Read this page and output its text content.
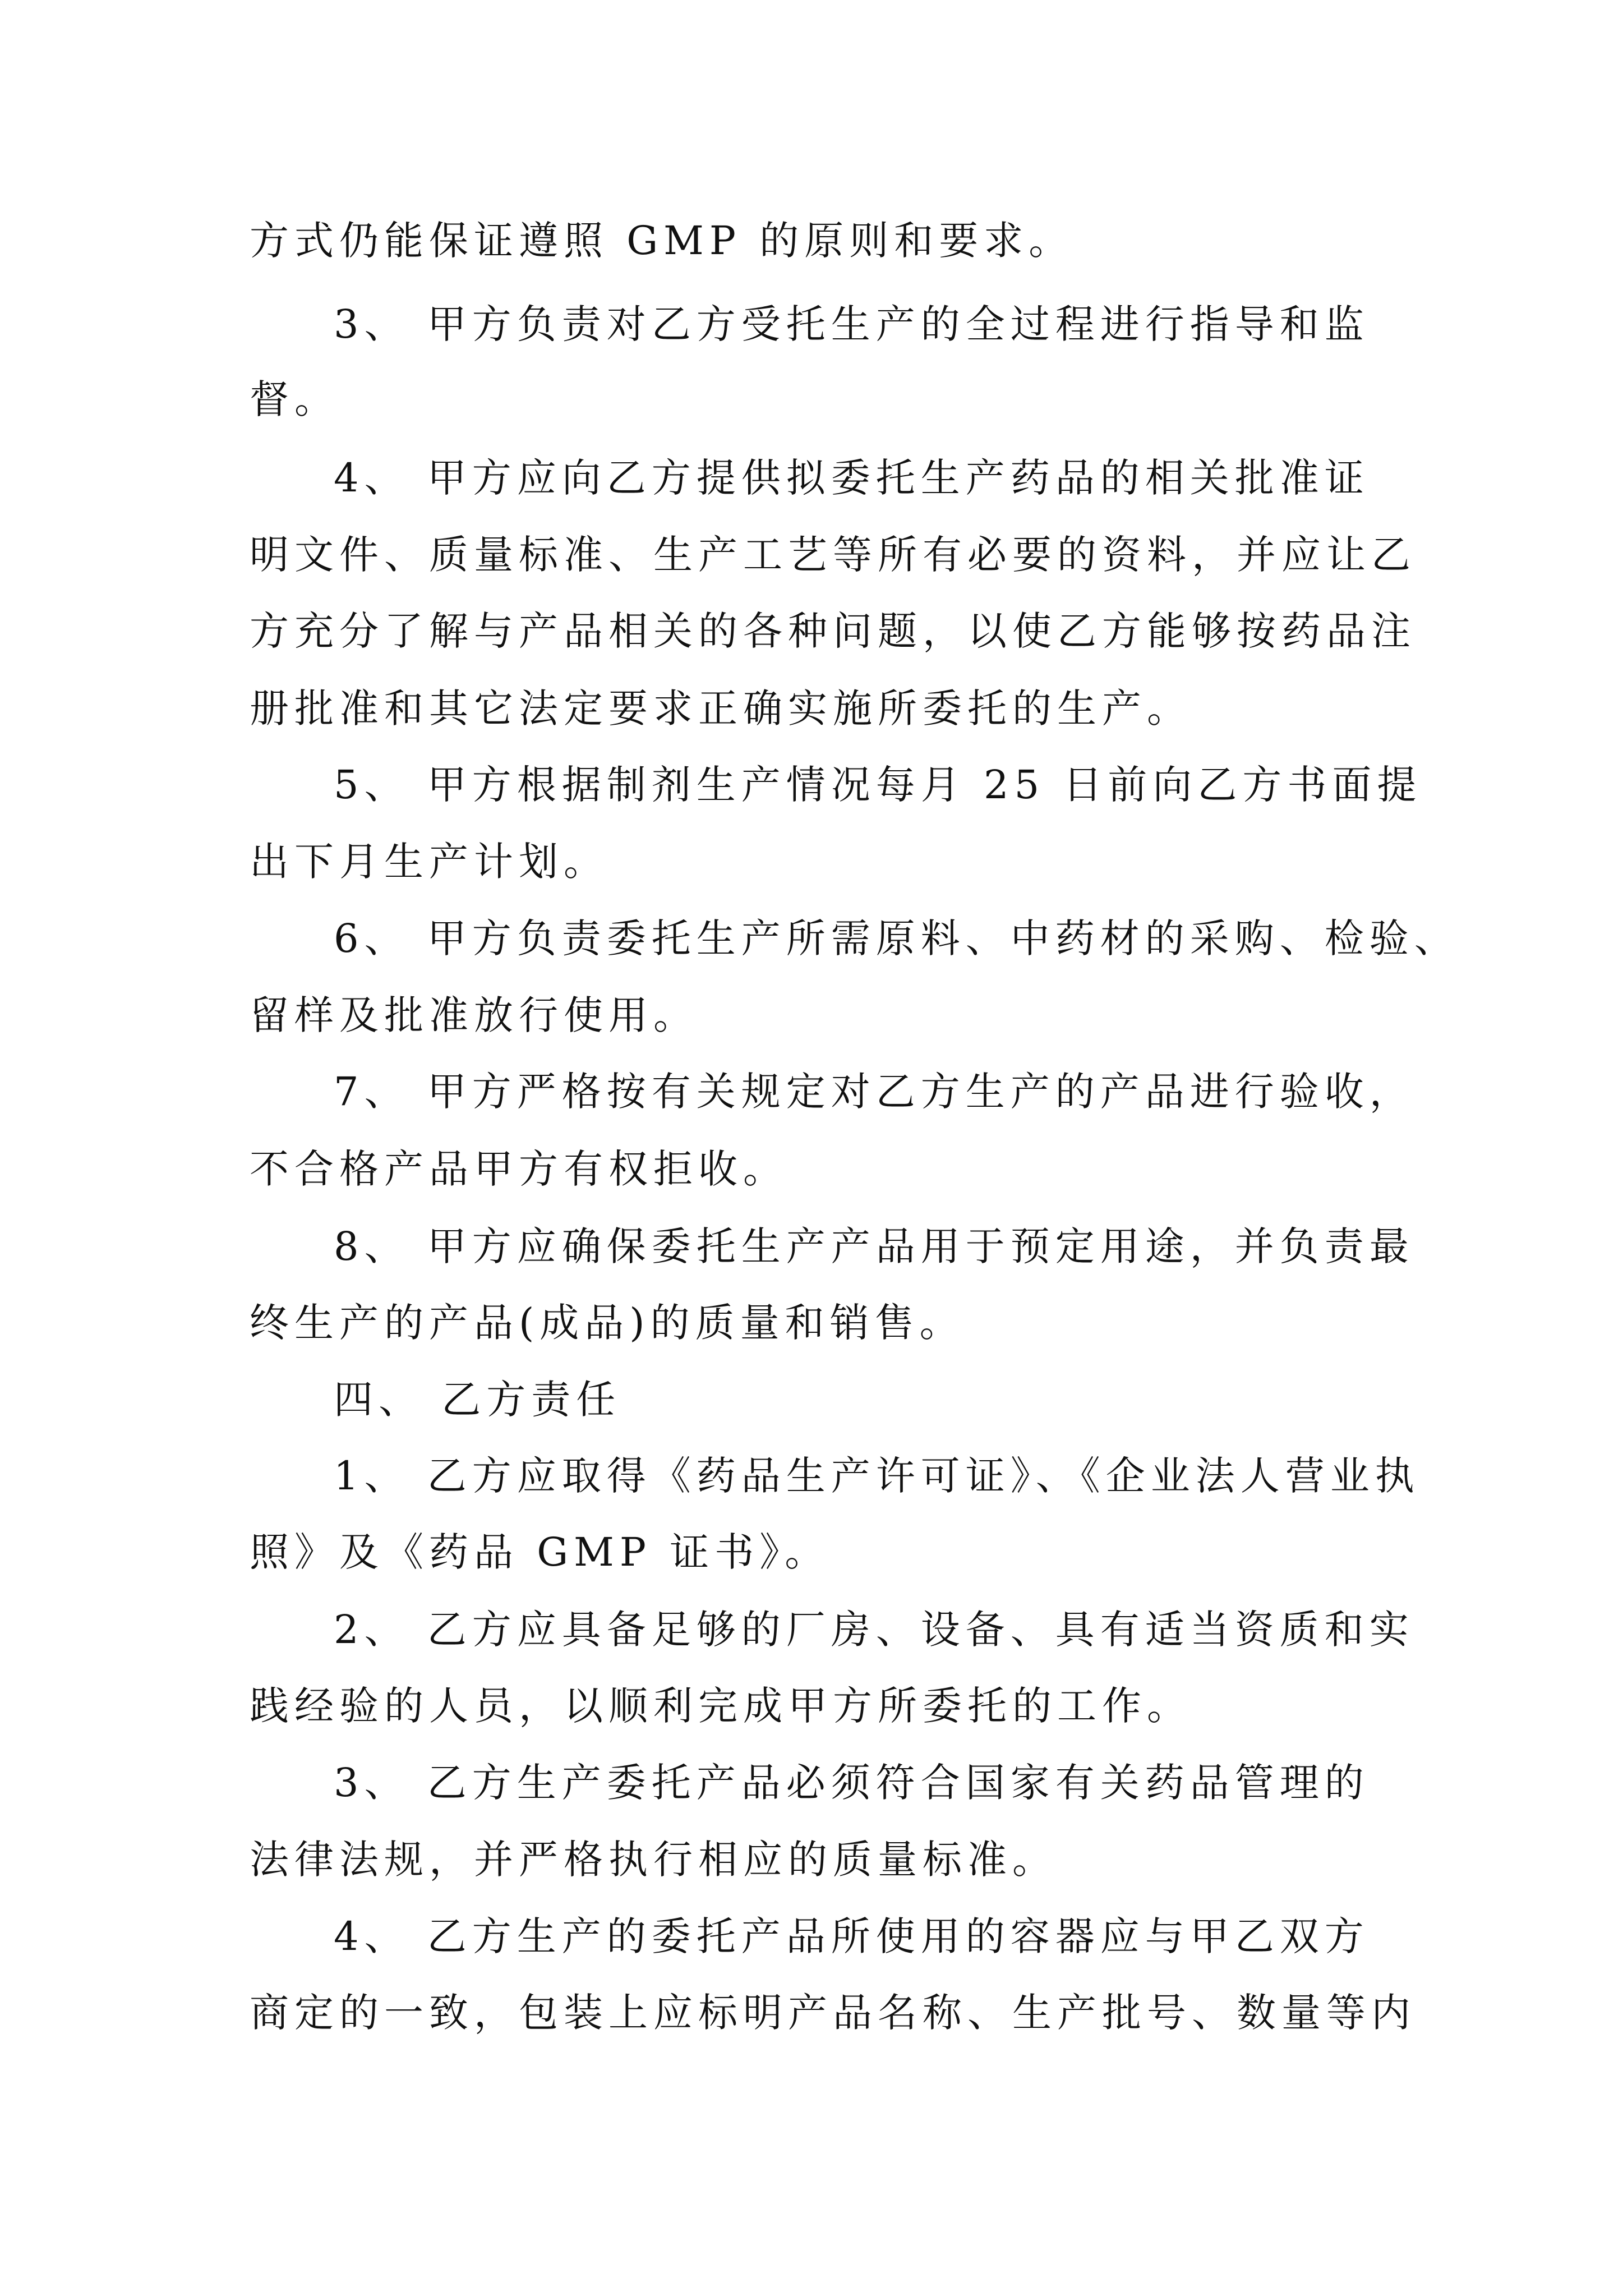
方式仍能保证遵照 GMP 的原则和要求。
3、 甲方负责对乙方受托生产的全过程进行指导和监
督。
4、 甲方应向乙方提供拟委托生产药品的相关批准证
明文件、质量标准、生产工艺等所有必要的资料，并应让乙
方充分了解与产品相关的各种问题，以使乙方能够按药品注
册批准和其它法定要求正确实施所委托的生产。
5、 甲方根据制剂生产情况每月 25 日前向乙方书面提
出下月生产计划。
6、 甲方负责委托生产所需原料、中药材的采购、检验、
留样及批准放行使用。
7、 甲方严格按有关规定对乙方生产的产品进行验收，
不合格产品甲方有权拒收。
8、 甲方应确保委托生产产品用于预定用途，并负责最
终生产的产品(成品)的质量和销售。
四、 乙方责任
1、 乙方应取得《药品生产许可证》、《企业法人营业执
照》及《药品 GMP 证书》。
2、 乙方应具备足够的厂房、设备、具有适当资质和实
践经验的人员，以顺利完成甲方所委托的工作。
3、 乙方生产委托产品必须符合国家有关药品管理的
法律法规，并严格执行相应的质量标准。
4、 乙方生产的委托产品所使用的容器应与甲乙双方
商定的一致，包装上应标明产品名称、生产批号、数量等内
